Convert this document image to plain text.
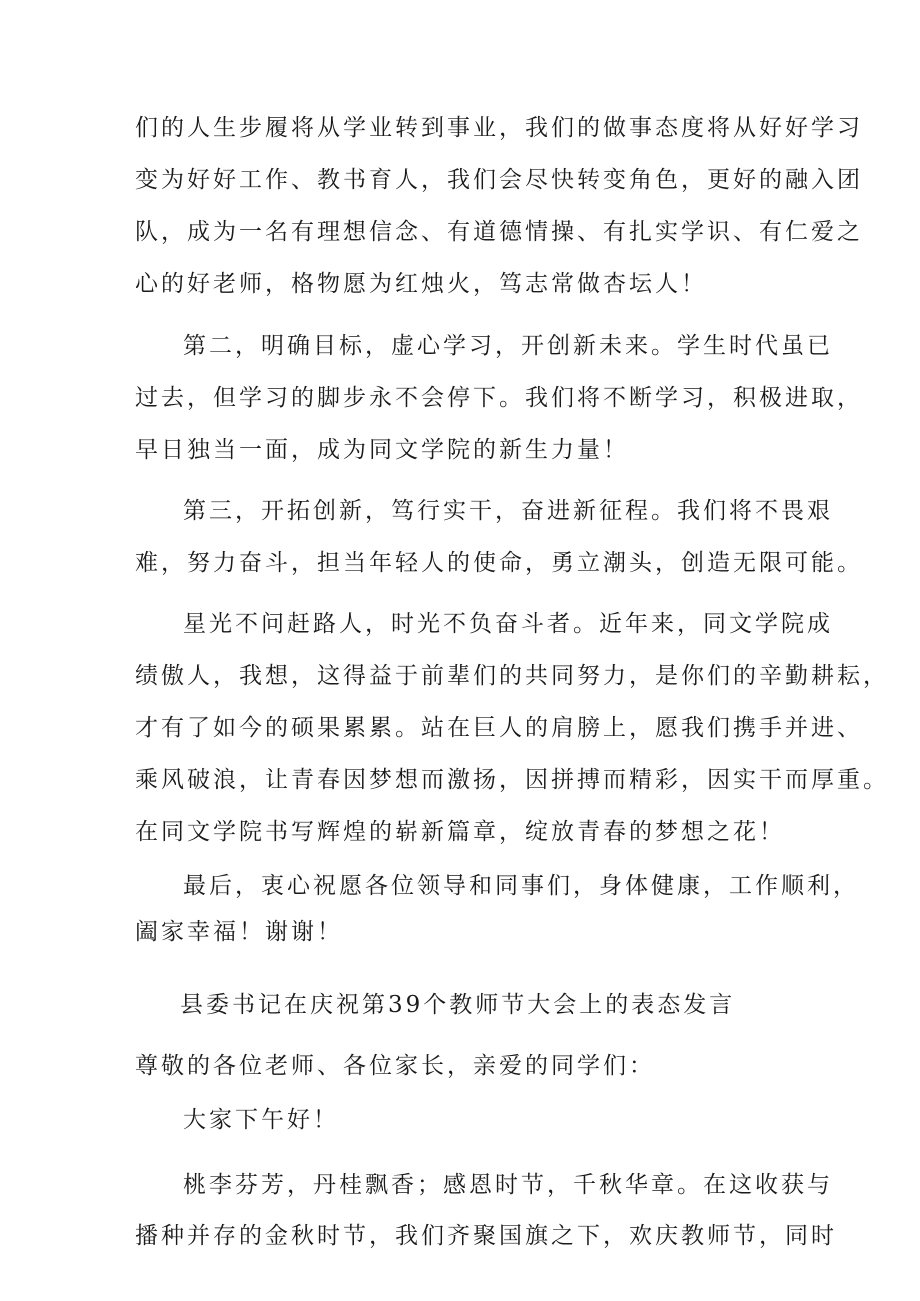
们的人生步履将从学业转到事业，我们的做事态度将从好好学习
变为好好工作、教书育人，我们会尽快转变角色，更好的融入团
队，成为一名有理想信念、有道德情操、有扎实学识、有仁爱之
心的好老师，格物愿为红烛火，笃志常做杏坛人！
第二，明确目标，虚心学习，开创新未来。学生时代虽已
过去，但学习的脚步永不会停下。我们将不断学习，积极进取，
早日独当一面，成为同文学院的新生力量！
第三，开拓创新，笃行实干，奋进新征程。我们将不畏艰
难，努力奋斗，担当年轻人的使命，勇立潮头，创造无限可能。
星光不问赶路人，时光不负奋斗者。近年来，同文学院成
绩傲人，我想，这得益于前辈们的共同努力，是你们的辛勤耕耘，
才有了如今的硕果累累。站在巨人的肩膀上，愿我们携手并进、
乘风破浪，让青春因梦想而激扬，因拼搏而精彩，因实干而厚重。
在同文学院书写辉煌的崭新篇章，绽放青春的梦想之花！
最后，衷心祝愿各位领导和同事们，身体健康，工作顺利，
阖家幸福！谢谢！
县委书记在庆祝第39个教师节大会上的表态发言
尊敬的各位老师、各位家长，亲爱的同学们：
大家下午好！
桃李芬芳，丹桂飘香；感恩时节，千秋华章。在这收获与
播种并存的金秋时节，我们齐聚国旗之下，欢庆教师节，同时
